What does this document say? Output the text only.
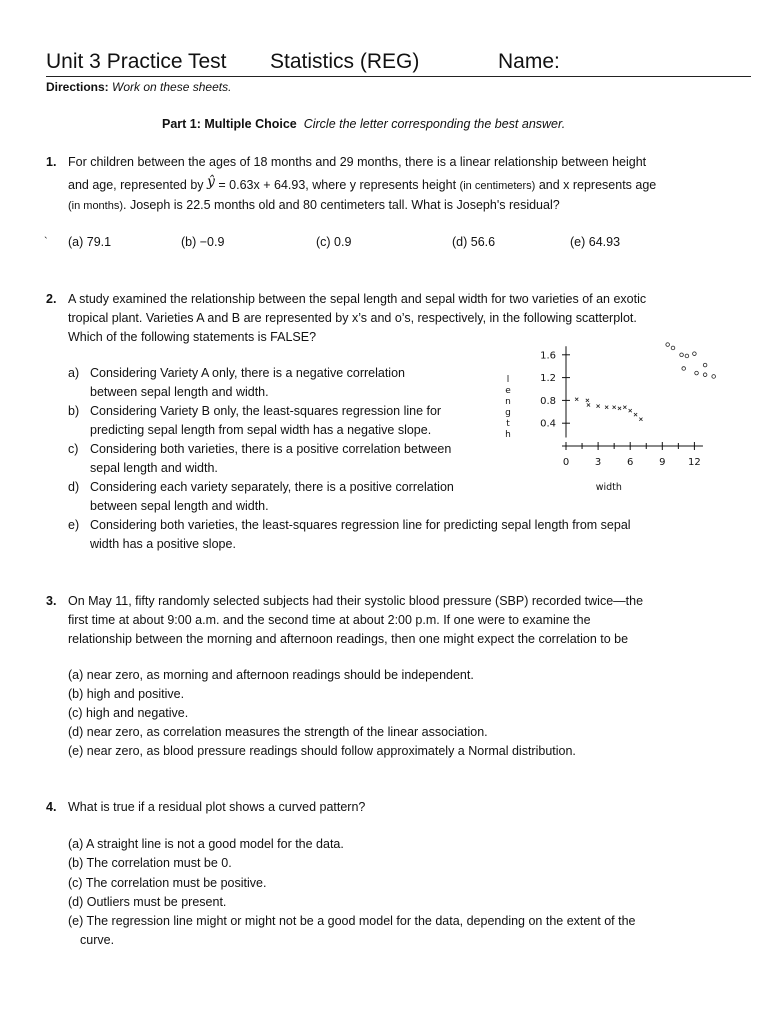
Unit 3 Practice Test Statistics (REG)	Name:
Directions: Work on these sheets.
Part 1: Multiple Choice Circle the letter corresponding the best answer.
1. For children between the ages of 18 months and 29 months, there is a linear relationship between height
and age, represented by ŷ = 0.63x + 64.93, where y represents height (in centimeters) and x represents age
(in months). Joseph is 22.5 months old and 80 centimeters tall. What is Joseph's residual?
` (a) 79.1	(b) −0.9	(c) 0.9	(d) 56.6	(e) 64.93
2. A study examined the relationship between the sepal length and sepal width for two varieties of an exotic
tropical plant. Varieties A and B are represented by x’s and o’s, respectively, in the following scatterplot.
Which of the following statements is FALSE?
a) Considering Variety A only, there is a negative correlation
between sepal length and width.
b) Considering Variety B only, the least-squares regression line for
predicting sepal length from sepal width has a negative slope.
c) Considering both varieties, there is a positive correlation between
sepal length and width.
d) Considering each variety separately, there is a positive correlation
between sepal length and width.
e) Considering both varieties, the least-squares regression line for predicting sepal length from sepal
width has a positive slope.
1.6
1.2
0.8
0.4
l
e
n
g
t
h
0	3	6	9 12
width
3. On May 11, fifty randomly selected subjects had their systolic blood pressure (SBP) recorded twice—the
first time at about 9:00 a.m. and the second time at about 2:00 p.m. If one were to examine the
relationship between the morning and afternoon readings, then one might expect the correlation to be
(a) near zero, as morning and afternoon readings should be independent.
(b) high and positive.
(c) high and negative.
(d) near zero, as correlation measures the strength of the linear association.
(e) near zero, as blood pressure readings should follow approximately a Normal distribution.
4. What is true if a residual plot shows a curved pattern?
(a) A straight line is not a good model for the data.
(b) The correlation must be 0.
(c) The correlation must be positive.
(d) Outliers must be present.
(e) The regression line might or might not be a good model for the data, depending on the extent of the
curve.
